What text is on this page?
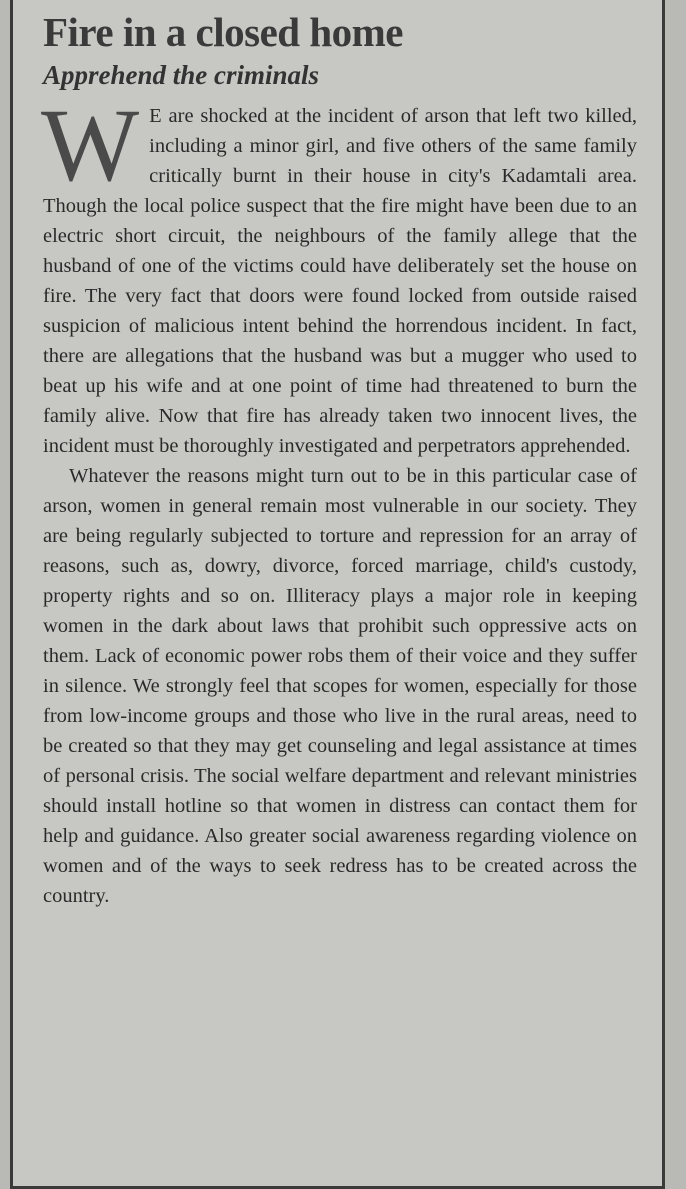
Fire in a closed home
Apprehend the criminals

W E are shocked at the incident of arson that left two killed, including a minor girl, and five others of the same family critically burnt in their house in city's Kadamtali area. Though the local police suspect that the fire might have been due to an electric short circuit, the neighbours of the family allege that the husband of one of the victims could have deliberately set the house on fire. The very fact that doors were found locked from outside raised suspicion of malicious intent behind the horrendous incident. In fact, there are allegations that the husband was but a mugger who used to beat up his wife and at one point of time had threatened to burn the family alive. Now that fire has already taken two innocent lives, the incident must be thoroughly investigated and perpetrators apprehended.

Whatever the reasons might turn out to be in this particular case of arson, women in general remain most vulnerable in our society. They are being regularly subjected to torture and repression for an array of reasons, such as, dowry, divorce, forced marriage, child's custody, property rights and so on. Illiteracy plays a major role in keeping women in the dark about laws that prohibit such oppressive acts on them. Lack of economic power robs them of their voice and they suffer in silence. We strongly feel that scopes for women, especially for those from low-income groups and those who live in the rural areas, need to be created so that they may get counseling and legal assistance at times of personal crisis. The social welfare department and relevant ministries should install hotline so that women in distress can contact them for help and guidance. Also greater social awareness regarding violence on women and of the ways to seek redress has to be created across the country.
